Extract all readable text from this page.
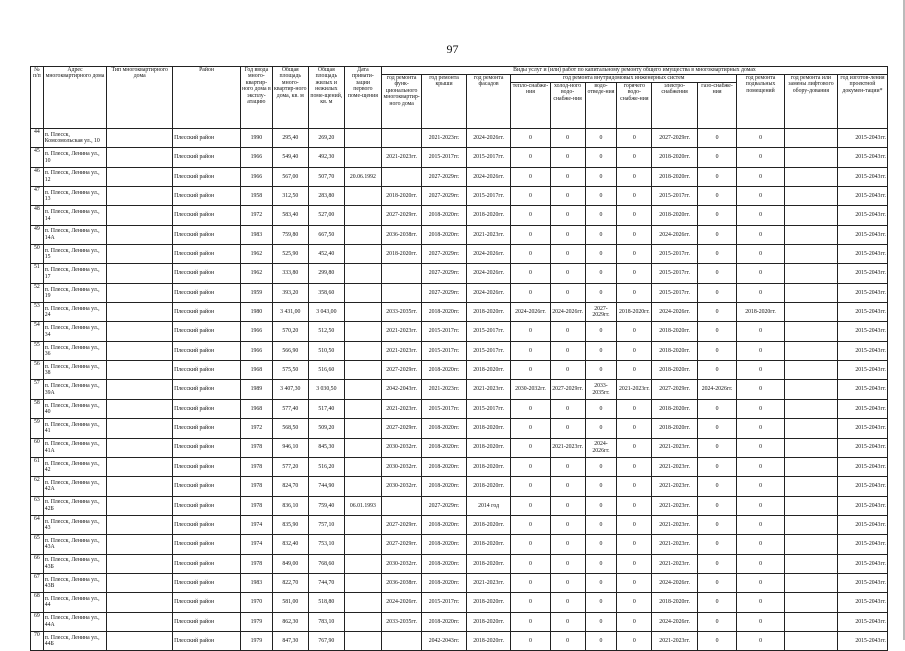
97
№ п/п	Адрес многоквартирного дома	Тип многоквартирного дома	Район	Год ввода много-квартир-ного дома в эксплу-атацию	Общая площадь много-квартир-ного дома, кв. м	Общая площадь жилых и нежилых поме-щений, кв. м	Дата привати-зации первого поме-щения	Виды услуг и (или) работ по капитальному ремонту общего имущества в многоквартирных домах											
								год ремонта функ-ционального многоквартир-ного дома	год ремонта крыши	год ремонта фасадов	год ремонта внутридомовых инженерных систем						год ремонта подвальных помещений	год ремонта или замены лифтового обору-дования	год изготов-ления проектной докумен-тации*
											тепло-снабже-ния	холод-ного водо-снабже-ния	водо-отведе-ния	горячего водо-снабже-ния	электро-снабжения	газо-снабже-ния			
44	п. Плесск, Комсомольская ул., 10		Плесский район	1990	295,40	269,20			2021-2023гг.	2024-2026гг.	0	0	0	0	2027-2029гг.	0	0		2015-2043гг.
45	п. Плесск, Ленина ул., 10		Плесский район	1966	549,40	492,30		2021-2023гг.	2015-2017гг.	2015-2017гг.	0	0	0	0	2018-2020гг.	0	0		2015-2043гг.
46	п. Плесск, Ленина ул., 12		Плесский район	1966	567,00	507,70	20.06.1992		2027-2029гг.	2024-2026гг.	0	0	0	0	2018-2020гг.	0	0		2015-2043гг.
47	п. Плесск, Ленина ул., 13		Плесский район	1958	312,50	283,80		2018-2020гг.	2027-2029гг.	2015-2017гг.	0	0	0	0	2015-2017гг.	0	0		2015-2043гг.
48	п. Плесск, Ленина ул., 14		Плесский район	1972	583,40	527,00		2027-2029гг.	2018-2020гг.	2018-2020гг.	0	0	0	0	2018-2020гг.	0	0		2015-2043гг.
49	п. Плесск, Ленина ул., 14А		Плесский район	1983	759,80	667,50		2036-2038гг.	2018-2020гг.	2021-2023гг.	0	0	0	0	2024-2026гг.	0	0		2015-2043гг.
50	п. Плесск, Ленина ул., 15		Плесский район	1962	525,90	452,40		2018-2020гг.	2027-2029гг.	2024-2026гг.	0	0	0	0	2015-2017гг.	0	0		2015-2043гг.
51	п. Плесск, Ленина ул., 17		Плесский район	1962	333,80	299,80			2027-2029гг.	2024-2026гг.	0	0	0	0	2015-2017гг.	0	0		2015-2043гг.
52	п. Плесск, Ленина ул., 19		Плесский район	1959	393,20	358,60			2027-2029гг.	2024-2026гг.	0	0	0	0	2015-2017гг.	0	0		2015-2043гг.
53	п. Плесск, Ленина ул., 24		Плесский район	1980	3 431,00	3 043,00		2033-2035гг.	2018-2020гг.	2018-2020гг.	2024-2026гг.	2024-2026гг.	2027-2029гг.	2018-2020гг.	2024-2026гг.	0	2018-2020гг.		2015-2043гг.
54	п. Плесск, Ленина ул., 34		Плесский район	1966	570,20	512,50		2021-2023гг.	2015-2017гг.	2015-2017гг.	0	0	0	0	2018-2020гг.	0	0		2015-2043гг.
55	п. Плесск, Ленина ул., 36		Плесский район	1966	566,90	510,50		2021-2023гг.	2015-2017гг.	2015-2017гг.	0	0	0	0	2018-2020гг.	0	0		2015-2043гг.
56	п. Плесск, Ленина ул., 38		Плесский район	1968	575,50	516,60		2027-2029гг.	2018-2020гг.	2018-2020гг.	0	0	0	0	2018-2020гг.	0	0		2015-2043гг.
57	п. Плесск, Ленина ул., 39А		Плесский район	1989	3 407,30	3 030,50		2042-2043гг.	2021-2023гг.	2021-2023гг.	2030-2032гг.	2027-2029гг.	2033-2035гг.	2021-2023гг.	2027-2029гг.	2024-2026гг.	0		2015-2043гг.
58	п. Плесск, Ленина ул., 40		Плесский район	1968	577,40	517,40		2021-2023гг.	2015-2017гг.	2015-2017гг.	0	0	0	0	2018-2020гг.	0	0		2015-2043гг.
59	п. Плесск, Ленина ул., 41		Плесский район	1972	568,50	509,20		2027-2029гг.	2018-2020гг.	2018-2020гг.	0	0	0	0	2018-2020гг.	0	0		2015-2043гг.
60	п. Плесск, Ленина ул., 41А		Плесский район	1978	946,10	845,30		2030-2032гг.	2018-2020гг.	2018-2020гг.	0	2021-2023гг.	2024-2026гг.	0	2021-2023гг.	0	0		2015-2043гг.
61	п. Плесск, Ленина ул., 42		Плесский район	1978	577,20	516,20		2030-2032гг.	2018-2020гг.	2018-2020гг.	0	0	0	0	2021-2023гг.	0	0		2015-2043гг.
62	п. Плесск, Ленина ул., 42А		Плесский район	1978	824,70	744,90		2030-2032гг.	2018-2020гг.	2018-2020гг.	0	0	0	0	2021-2023гг.	0	0		2015-2043гг.
63	п. Плесск, Ленина ул., 42Б		Плесский район	1978	836,10	759,40	06.01.1993		2027-2029гг.	2014 год	0	0	0	0	2021-2023гг.	0	0		2015-2043гг.
64	п. Плесск, Ленина ул., 43		Плесский район	1974	835,90	757,10		2027-2029гг.	2018-2020гг.	2018-2020гг.	0	0	0	0	2021-2023гг.	0	0		2015-2043гг.
65	п. Плесск, Ленина ул., 43А		Плесский район	1974	832,40	753,10		2027-2029гг.	2018-2020гг.	2018-2020гг.	0	0	0	0	2021-2023гг.	0	0		2015-2043гг.
66	п. Плесск, Ленина ул., 43Б		Плесский район	1978	849,00	768,60		2030-2032гг.	2018-2020гг.	2018-2020гг.	0	0	0	0	2021-2023гг.	0	0		2015-2043гг.
67	п. Плесск, Ленина ул., 43В		Плесский район	1983	822,70	744,70		2036-2038гг.	2018-2020гг.	2021-2023гг.	0	0	0	0	2024-2026гг.	0	0		2015-2043гг.
68	п. Плесск, Ленина ул., 44		Плесский район	1970	581,00	518,80		2024-2026гг.	2015-2017гг.	2018-2020гг.	0	0	0	0	2018-2020гг.	0	0		2015-2043гг.
69	п. Плесск, Ленина ул., 44А		Плесский район	1979	862,30	783,10		2033-2035гг.	2018-2020гг.	2018-2020гг.	0	0	0	0	2024-2026гг.	0	0		2015-2043гг.
70	п. Плесск, Ленина ул., 44Б		Плесский район	1979	847,30	767,90			2042-2043гг.	2018-2020гг.	0	0	0	0	2021-2023гг.	0	0		2015-2043гг.
